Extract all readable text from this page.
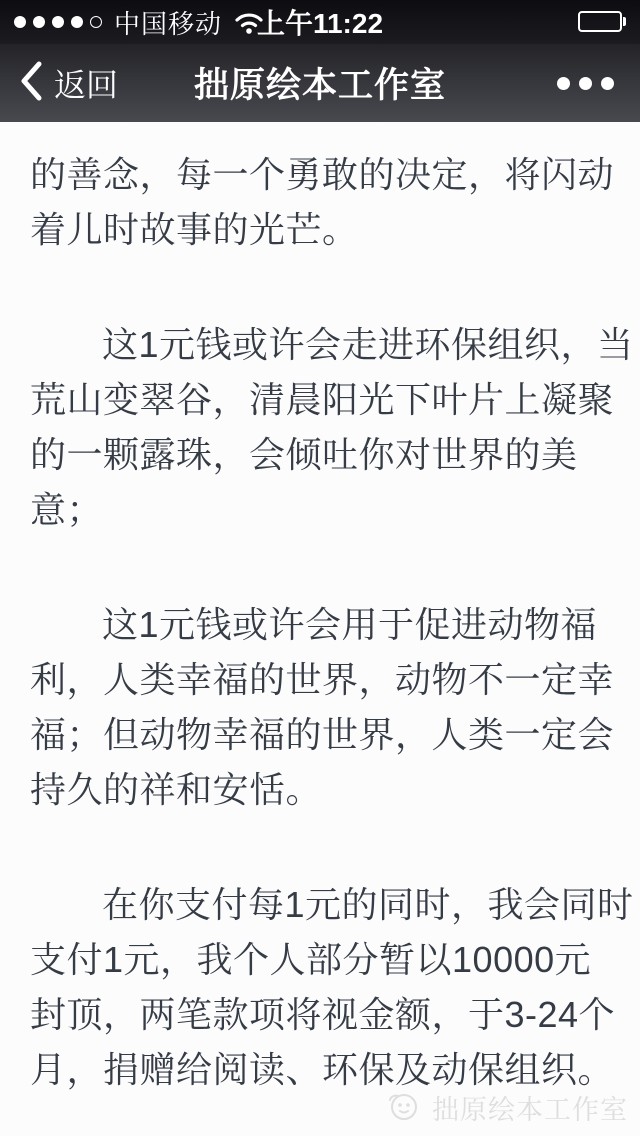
中国移动	上午11:22
返回	拙原绘本工作室
的善念，每一个勇敢的决定，将闪动
着儿时故事的光芒。
这1元钱或许会走进环保组织，当
荒山变翠谷，清晨阳光下叶片上凝聚
的一颗露珠，会倾吐你对世界的美
意；
这1元钱或许会用于促进动物福
利，人类幸福的世界，动物不一定幸
福；但动物幸福的世界，人类一定会
持久的祥和安恬。
在你支付每1元的同时，我会同时
支付1元，我个人部分暂以10000元
封顶，两笔款项将视金额，于3-24个
月，捐赠给阅读、环保及动保组织。
拙原绘本工作室
